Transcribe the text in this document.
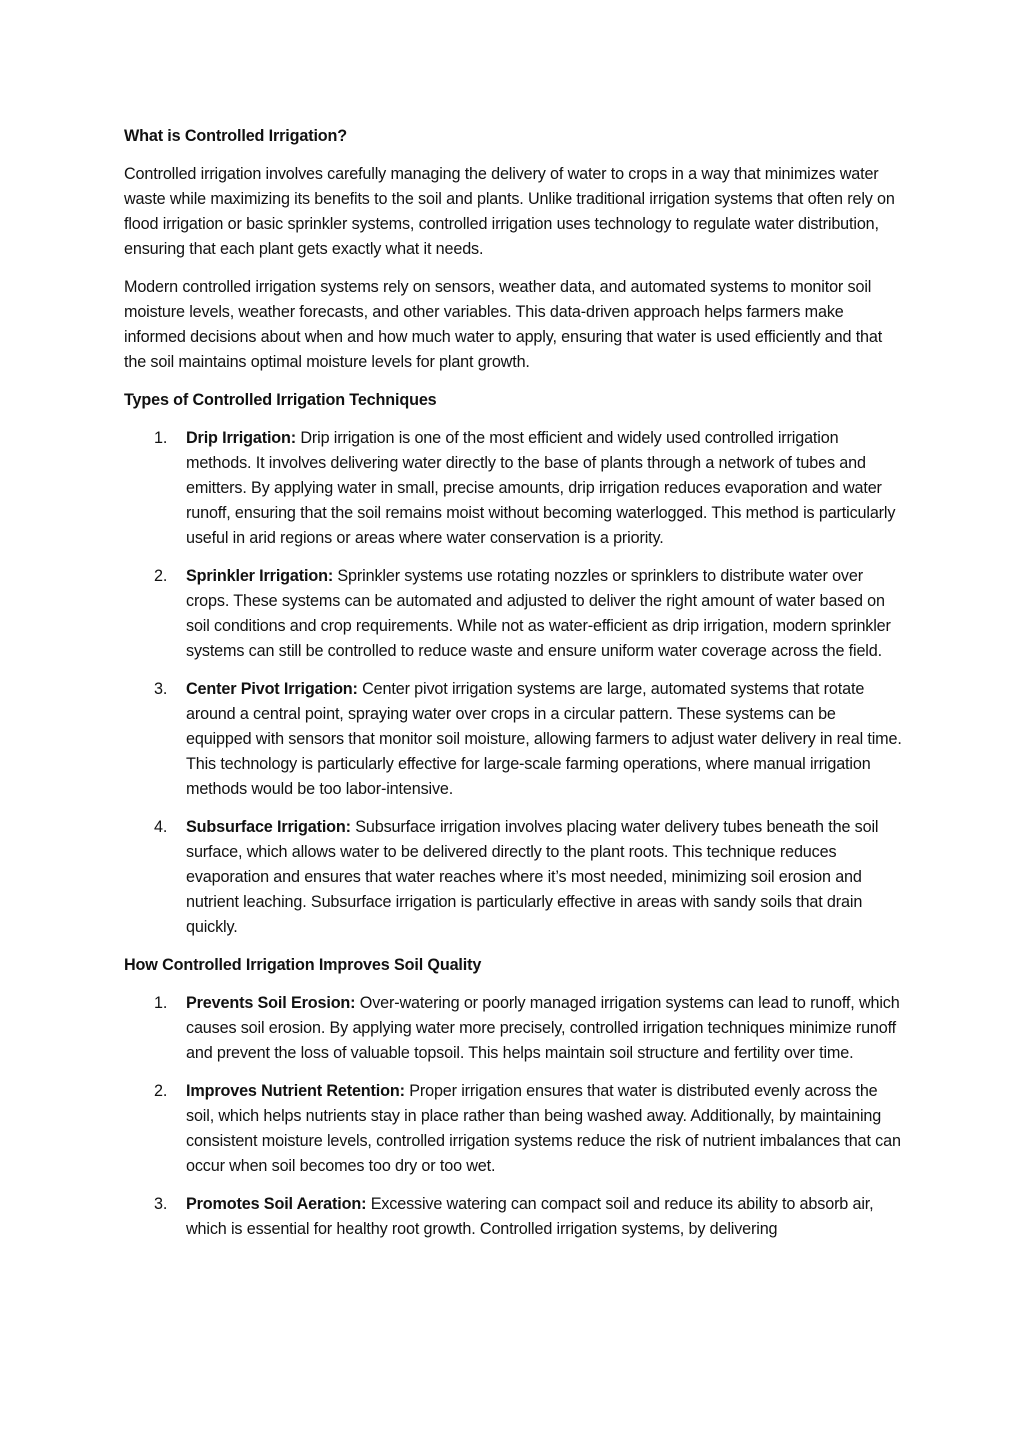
What is Controlled Irrigation?

Controlled irrigation involves carefully managing the delivery of water to crops in a way that minimizes water waste while maximizing its benefits to the soil and plants. Unlike traditional irrigation systems that often rely on flood irrigation or basic sprinkler systems, controlled irrigation uses technology to regulate water distribution, ensuring that each plant gets exactly what it needs.

Modern controlled irrigation systems rely on sensors, weather data, and automated systems to monitor soil moisture levels, weather forecasts, and other variables. This data-driven approach helps farmers make informed decisions about when and how much water to apply, ensuring that water is used efficiently and that the soil maintains optimal moisture levels for plant growth.

Types of Controlled Irrigation Techniques
1. Drip Irrigation: Drip irrigation is one of the most efficient and widely used controlled irrigation methods. It involves delivering water directly to the base of plants through a network of tubes and emitters. By applying water in small, precise amounts, drip irrigation reduces evaporation and water runoff, ensuring that the soil remains moist without becoming waterlogged. This method is particularly useful in arid regions or areas where water conservation is a priority.
2. Sprinkler Irrigation: Sprinkler systems use rotating nozzles or sprinklers to distribute water over crops. These systems can be automated and adjusted to deliver the right amount of water based on soil conditions and crop requirements. While not as water-efficient as drip irrigation, modern sprinkler systems can still be controlled to reduce waste and ensure uniform water coverage across the field.
3. Center Pivot Irrigation: Center pivot irrigation systems are large, automated systems that rotate around a central point, spraying water over crops in a circular pattern. These systems can be equipped with sensors that monitor soil moisture, allowing farmers to adjust water delivery in real time. This technology is particularly effective for large-scale farming operations, where manual irrigation methods would be too labor-intensive.
4. Subsurface Irrigation: Subsurface irrigation involves placing water delivery tubes beneath the soil surface, which allows water to be delivered directly to the plant roots. This technique reduces evaporation and ensures that water reaches where it’s most needed, minimizing soil erosion and nutrient leaching. Subsurface irrigation is particularly effective in areas with sandy soils that drain quickly.
How Controlled Irrigation Improves Soil Quality
1. Prevents Soil Erosion: Over-watering or poorly managed irrigation systems can lead to runoff, which causes soil erosion. By applying water more precisely, controlled irrigation techniques minimize runoff and prevent the loss of valuable topsoil. This helps maintain soil structure and fertility over time.
2. Improves Nutrient Retention: Proper irrigation ensures that water is distributed evenly across the soil, which helps nutrients stay in place rather than being washed away. Additionally, by maintaining consistent moisture levels, controlled irrigation systems reduce the risk of nutrient imbalances that can occur when soil becomes too dry or too wet.
3. Promotes Soil Aeration: Excessive watering can compact soil and reduce its ability to absorb air, which is essential for healthy root growth. Controlled irrigation systems, by delivering
